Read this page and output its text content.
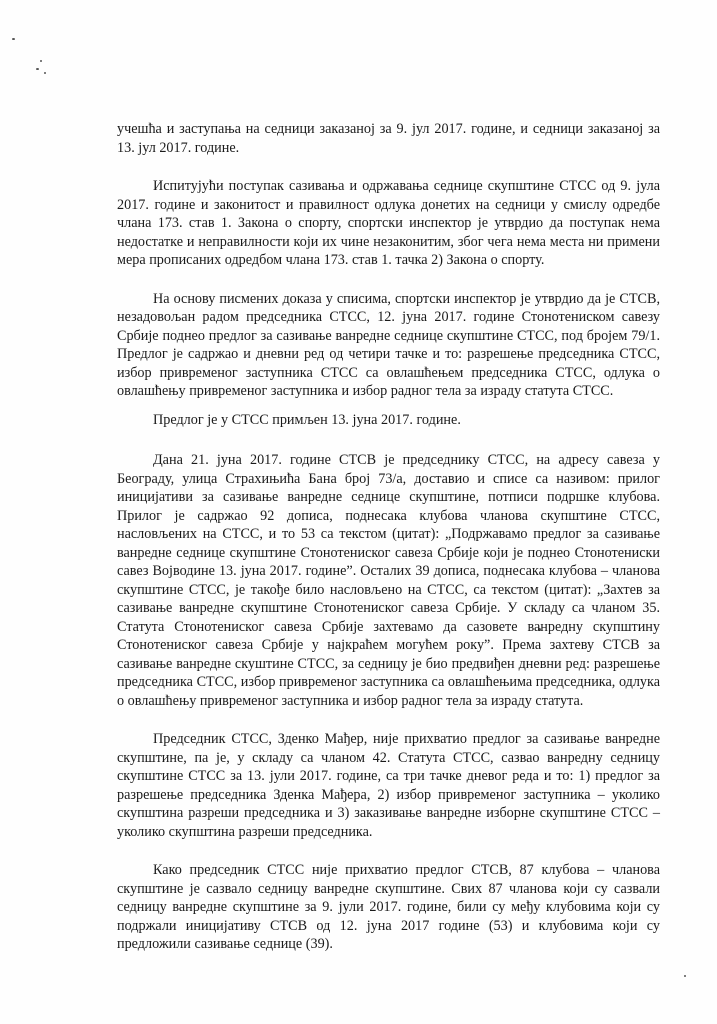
учешћа и заступања на седници заказаној за 9. јул 2017. године, и седници заказаној за 13. јул 2017. године.

Испитујући поступак сазивања и одржавања седнице скупштине СТСС од 9. јула 2017. године и законитост и правилност одлука донетих на седници у смислу одредбе члана 173. став 1. Закона о спорту, спортски инспектор је утврдио да поступак нема недостатке и неправилности који их чине незаконитим, због чега нема места ни примени мера прописаних одредбом члана 173. став 1. тачка 2) Закона о спорту.

На основу писмених доказа у списима, спортски инспектор је утврдио да је СТСВ, незадовољан радом председника СТСС, 12. јуна 2017. године Стонотениском савезу Србије поднео предлог за сазивање ванредне седнице скупштине СТСС, под бројем 79/1. Предлог је садржао и дневни ред од четири тачке и то: разрешење председника СТСС, избор привременог заступника СТСС са овлашћењем председника СТСС, одлука о овлашћењу привременог заступника и избор радног тела за израду статута СТСС.

Предлог је у СТСС примљен 13. јуна 2017. године.

Дана 21. јуна 2017. године СТСВ је председнику СТСС, на адресу савеза у Београду, улица Страхињића Бана број 73/а, доставио и списе са називом: прилог иницијативи за сазивање ванредне седнице скупштине, потписи подршке клубова. Прилог је садржао 92 дописа, поднесака клубова чланова скупштине СТСС, насловљених на СТСС, и то 53 са текстом (цитат): „Подржавамо предлог за сазивање ванредне седнице скупштине Стонотениског савеза Србије који је поднео Стонотениски савез Војводине 13. јуна 2017. године”. Осталих 39 дописа, поднесака клубова – чланова скупштине СТСС, је такође било насловљено на СТСС, са текстом (цитат): „Захтев за сазивање ванредне скупштине Стонотениског савеза Србије. У складу са чланом 35. Статута Стонотениског савеза Србије захтевамо да сазовете ванредну скупштину Стонотениског савеза Србије у најкраћем могућем року”. Према захтеву СТСВ за сазивање ванредне скуштине СТСС, за седницу је био предвиђен дневни ред: разрешење председника СТСС, избор привременог заступника са овлашћењима председника, одлука о овлашћењу привременог заступника и избор радног тела за израду статута.

Председник СТСС, Зденко Мађер, није прихватио предлог за сазивање ванредне скупштине, па је, у складу са чланом 42. Статута СТСС, сазвао ванредну седницу скупштине СТСС за 13. јули 2017. године, са три тачке дневог реда и то: 1) предлог за разрешење председника Зденка Мађера, 2) избор привременог заступника – уколико скупштина разреши председника и 3) заказивање ванредне изборне скупштине СТСС – уколико скупштина разреши председника.

Како председник СТСС није прихватио предлог СТСВ, 87 клубова – чланова скупштине је сазвало седницу ванредне скупштине. Свих 87 чланова који су сазвали седницу ванредне скупштине за 9. јули 2017. године, били су међу клубовима који су подржали иницијативу СТСВ од 12. јуна 2017 године (53) и клубовима који су предложили сазивање седнице (39).
